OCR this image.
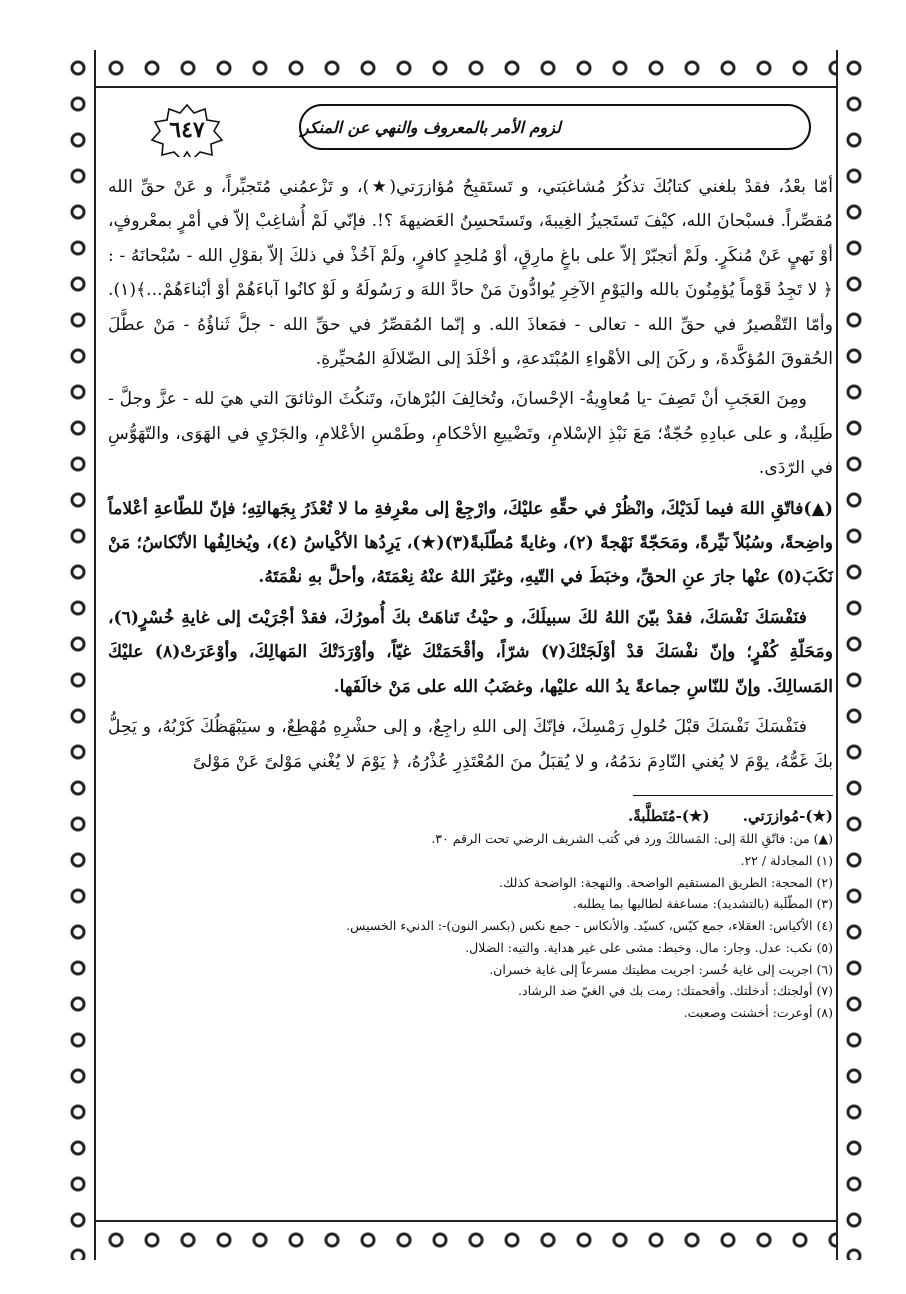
لزوم الأمر بالمعروف والنهي عن المنكر
٦٤٧

أمّا بعْدُ، فقدْ بلغني كتابُكَ تذكُرُ مُشاغبَتي، و تَستَقبِحُ مُؤازرَتي(★)، و تَزْعمُني مُتَجبِّراً، و عَنْ حقِّ الله مُقصِّراً. فسبْحانَ الله، كيْفَ تَستَجيزُ الغِيبةَ، وتَستَحسِنُ العَضيهةَ ؟!. فإنّي لَمْ أُشاغِبْ إلاّ في أمْرٍ بمعْروفٍ، أوْ نَهيٍ عَنْ مُنكَرٍ. ولَمْ أتجبّرْ إلاّ على باغٍ مارِقٍ، أوْ مُلحِدٍ كافرٍ، ولَمْ آخُذْ في ذلكَ إلاّ بقوْلِ الله - سُبْحانَهُ - : ﴿ لا تَجِدُ قَوْماً يُؤمِنُونَ بالله واليَوْمِ الآخِرِ يُوادُّونَ مَنْ حادَّ اللهَ و رَسُولَهُ و لَوْ كانُوا آباءَهُمْ أوْ أبْناءَهُمْ...﴾(١). وأمّا التّقْصيرُ في حقِّ الله - تعالى - فمَعاذَ الله. و إنّما المُقصِّرُ في حقِّ الله - جلَّ ثَناؤُهُ - مَنْ عطَّلَ الحُقوقَ المُؤكَّدةَ، و ركَنَ إلى الأهْواءِ المُبْتَدعةِ، و أخْلَدَ إلى الضّلالَةِ المُحيِّرةِ.

ومِنَ العَجَبِ أنْ تَصِفَ -يا مُعاوِيةُ- الإحْسانَ، وتُخالِفَ البُرْهانَ، وتَنكُثَ الوثائقَ التي هيَ لله - عزَّ وجلَّ - طَلِبةٌ، و على عبادِهِ حُجّةٌ؛ مَعَ نَبْذِ الإسْلامِ، وتَضْييعِ الأحْكامِ، وطَمْسِ الأعْلامِ، والجَرْيِ في الهَوَى، والتّهَوُّسِ في الرّدَى.

(▲)فاتّقِ اللهَ فيما لَدَيْكَ، وانْظُرْ في حقِّهِ عليْكَ، وارْجِعْ إلى معْرِفةِ ما لا تُعْذَرُ بِجَهالتِهِ؛ فإنّ للطّاعةِ أعْلاماً واضِحةً، وسُبُلاً نَيِّرةً، ومَحَجّةً نَهْجةً (٢)، وغايةً مُطّلَبةً(٣)(★)، يَرِدُها الأكْياسُ (٤)، ويُخالِفُها الأنْكاسُ؛ مَنْ نَكَبَ(٥) عنْها جارَ عنِ الحقِّ، وخبَطَ في التّيهِ، وغيّرَ اللهُ عنْهُ نِعْمَتَهُ، وأحلَّ بهِ نقْمَتَهُ.

فنَفْسَكَ نَفْسَكَ، فقدْ بيّنَ اللهُ لكَ سبيلَكَ، و حيْثُ تَناهَتْ بكَ أُمورُكَ، فقدْ أجْرَيْتَ إلى غايةِ خُسْرٍ(٦)، ومَحَلّةِ كُفْرٍ؛ وإنّ نفْسَكَ قدْ أوْلَجَتْكَ(٧) شرّاً، وأقْحَمَتْكَ غيّاً، وأوْرَدَتْكَ المَهالِكَ، وأوْعَرَتْ(٨) عليْكَ المَسالِكَ. وإنّ للنّاسِ جماعةً يدُ الله عليْها، وغضَبُ الله على مَنْ خالَفَها.

فنَفْسَكَ نَفْسَكَ قبْلَ حُلولِ رَمْسِكَ، فإنّكَ إلى اللهِ راجِعٌ، و إلى حشْرِهِ مُهْطِعٌ، و سيَبْهَظُكَ كَرْبُهُ، و يَحِلُّ بكَ غَمُّهُ، يوْمَ لا يُغني النّادِمَ ندَمُهُ، و لا يُقبَلُ منَ المُعْتَذِرِ عُذْرُهُ، ﴿ يَوْمَ لا يُغْني مَوْلىً عَنْ مَوْلىً

(★)-مُوازرَتي. (★)-مُتَطلَّبةً.

(▲) من: فاتّقِ اللهَ إلى: المَسالكَ ورد في كُتب الشريف الرضي تحت الرقم ٣٠.

(١) المجادلة / ٢٢.

(٢) المحجة: الطريق المستقيم الواضحة. والنهجة: الواضحة كذلك.

(٣) المطّلَبة (بالتشديد): مساعفة لطالبها بما يطلبه.

(٤) الأكياس: العقلاء، جمع كيّس، كسيّد. والأنكاس - جمع نكس (بكسر النون)-: الدنيء الخسيس.

(٥) نكب: عدل. وجار: مال. وخبط: مشى على غير هداية. والتيه: الضلال.

(٦) اجريت إلى غاية خُسر: اجريت مطيتك مسرعاً إلى غاية خسران.

(٧) أولجتك: أدخلتك. وأقحمتك: رمت بك في الغيّ ضد الرشاد.

(٨) أوعرت: أخشنت وصعبت.
